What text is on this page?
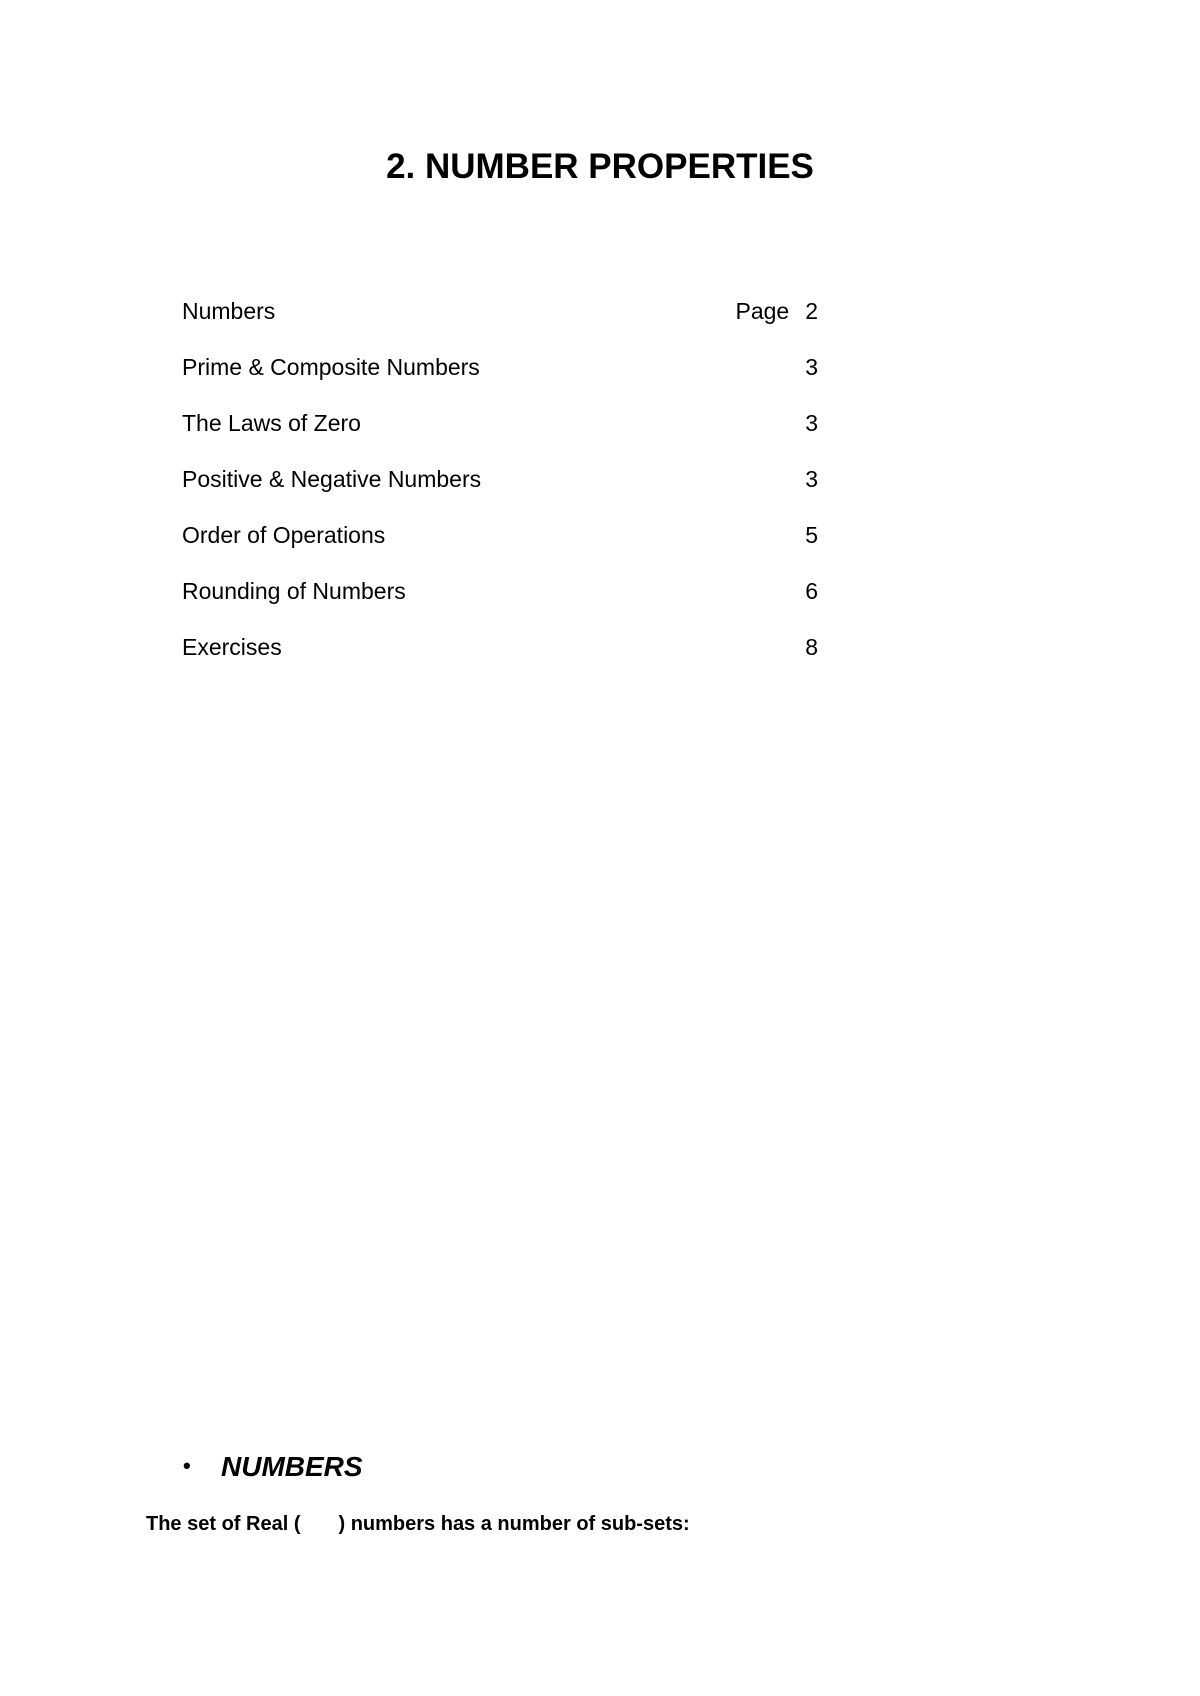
2. NUMBER PROPERTIES
Numbers	Page 2
Prime & Composite Numbers	3
The Laws of Zero	3
Positive & Negative Numbers	3
Order of Operations	5
Rounding of Numbers	6
Exercises	8
• NUMBERS
The set of Real ( ) numbers has a number of sub-sets:
